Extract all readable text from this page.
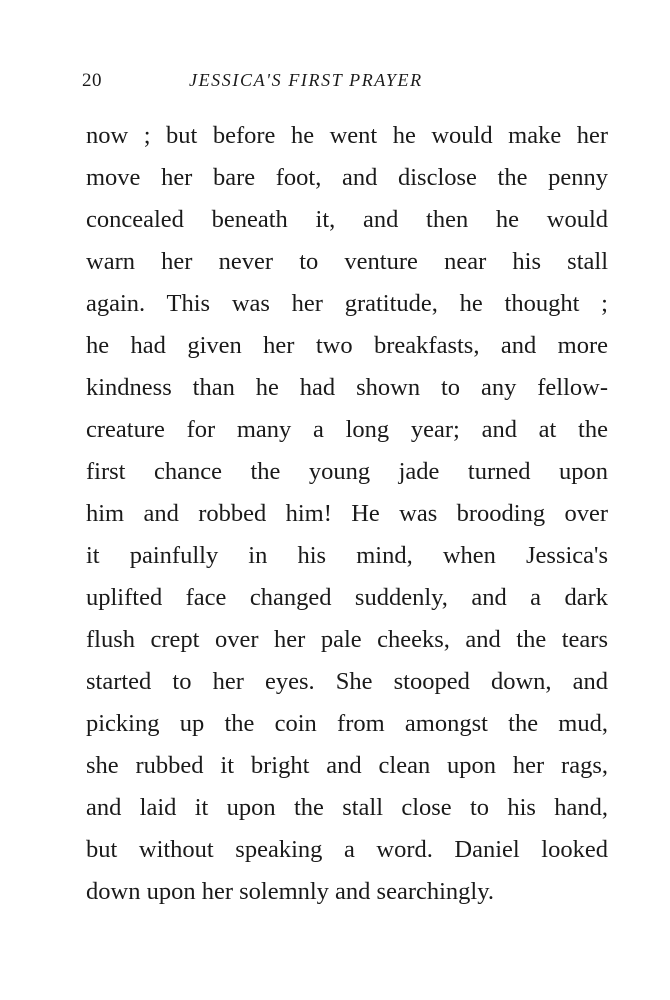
20	JESSICA'S FIRST PRAYER
now ; but before he went he would make her
move her bare foot, and disclose the penny
concealed beneath it, and then he would
warn her never to venture near his stall
again. This was her gratitude, he thought ;
he had given her two breakfasts, and more
kindness than he had shown to any fellow-
creature for many a long year; and at the
first chance the young jade turned upon
him and robbed him! He was brooding over
it painfully in his mind, when Jessica's
uplifted face changed suddenly, and a dark
flush crept over her pale cheeks, and the tears
started to her eyes. She stooped down, and
picking up the coin from amongst the mud,
she rubbed it bright and clean upon her rags,
and laid it upon the stall close to his hand,
but without speaking a word. Daniel looked
down upon her solemnly and searchingly.
